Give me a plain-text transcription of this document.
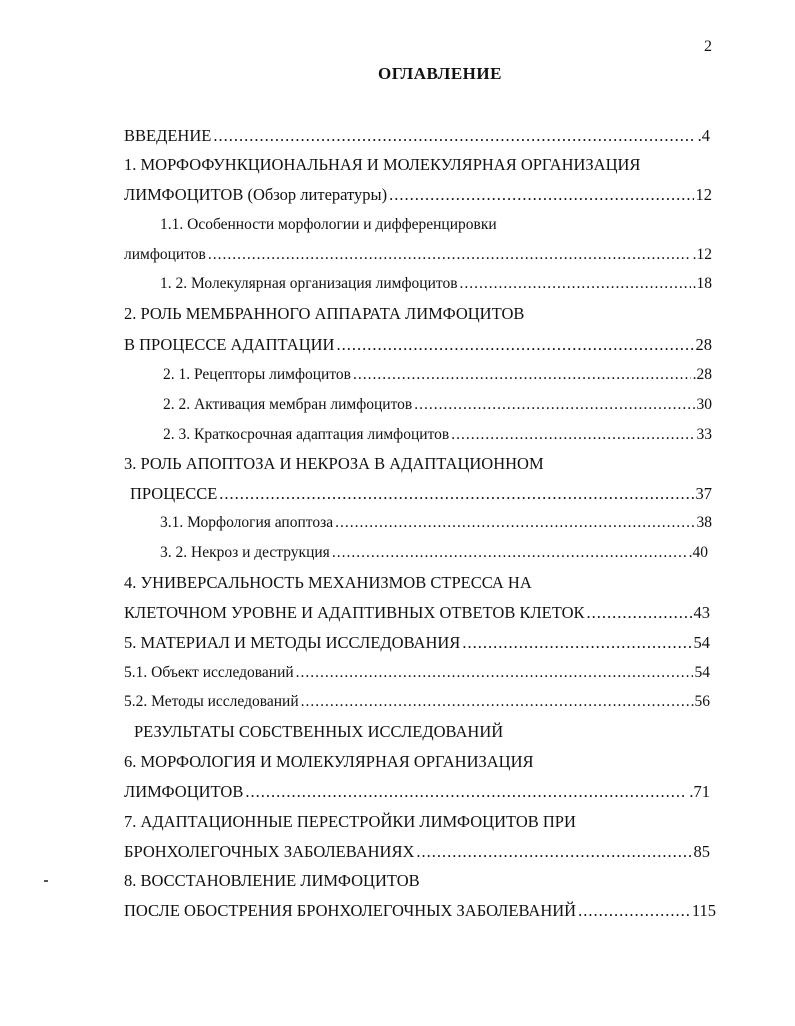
2
ОГЛАВЛЕНИЕ
ВВЕДЕНИЕ .....	.4
1. МОРФОФУНКЦИОНАЛЬНАЯ И МОЛЕКУЛЯРНАЯ ОРГАНИЗАЦИЯ
ЛИМФОЦИТОВ (Обзор литературы) .....	12
1.1. Особенности морфологии и дифференцировки
лимфоцитов .....	.12
1. 2. Молекулярная организация лимфоцитов .....	.18
2. РОЛЬ МЕМБРАННОГО АППАРАТА ЛИМФОЦИТОВ
В ПРОЦЕССЕ АДАПТАЦИИ .....	28
2. 1. Рецепторы лимфоцитов .....	.28
2. 2. Активация мембран лимфоцитов .....	30
2. 3. Краткосрочная адаптация лимфоцитов .....	33
3. РОЛЬ АПОПТОЗА И НЕКРОЗА В АДАПТАЦИОННОМ
ПРОЦЕССЕ .....	37
3.1. Морфология апоптоза .....	38
3. 2. Некроз и деструкция .....	.40
4. УНИВЕРСАЛЬНОСТЬ МЕХАНИЗМОВ СТРЕССА НА
КЛЕТОЧНОМ УРОВНЕ И АДАПТИВНЫХ ОТВЕТОВ КЛЕТОК .....	43
5. МАТЕРИАЛ И МЕТОДЫ ИССЛЕДОВАНИЯ .....	54
5.1. Объект исследований .....	54
5.2. Методы исследований .....	.56
РЕЗУЛЬТАТЫ СОБСТВЕННЫХ ИССЛЕДОВАНИЙ
6. МОРФОЛОГИЯ И МОЛЕКУЛЯРНАЯ ОРГАНИЗАЦИЯ
ЛИМФОЦИТОВ .....	.71
7. АДАПТАЦИОННЫЕ ПЕРЕСТРОЙКИ ЛИМФОЦИТОВ ПРИ
БРОНХОЛЕГОЧНЫХ ЗАБОЛЕВАНИЯХ .....	85
8. ВОССТАНОВЛЕНИЕ ЛИМФОЦИТОВ
ПОСЛЕ ОБОСТРЕНИЯ БРОНХОЛЕГОЧНЫХ ЗАБОЛЕВАНИЙ .....	115
